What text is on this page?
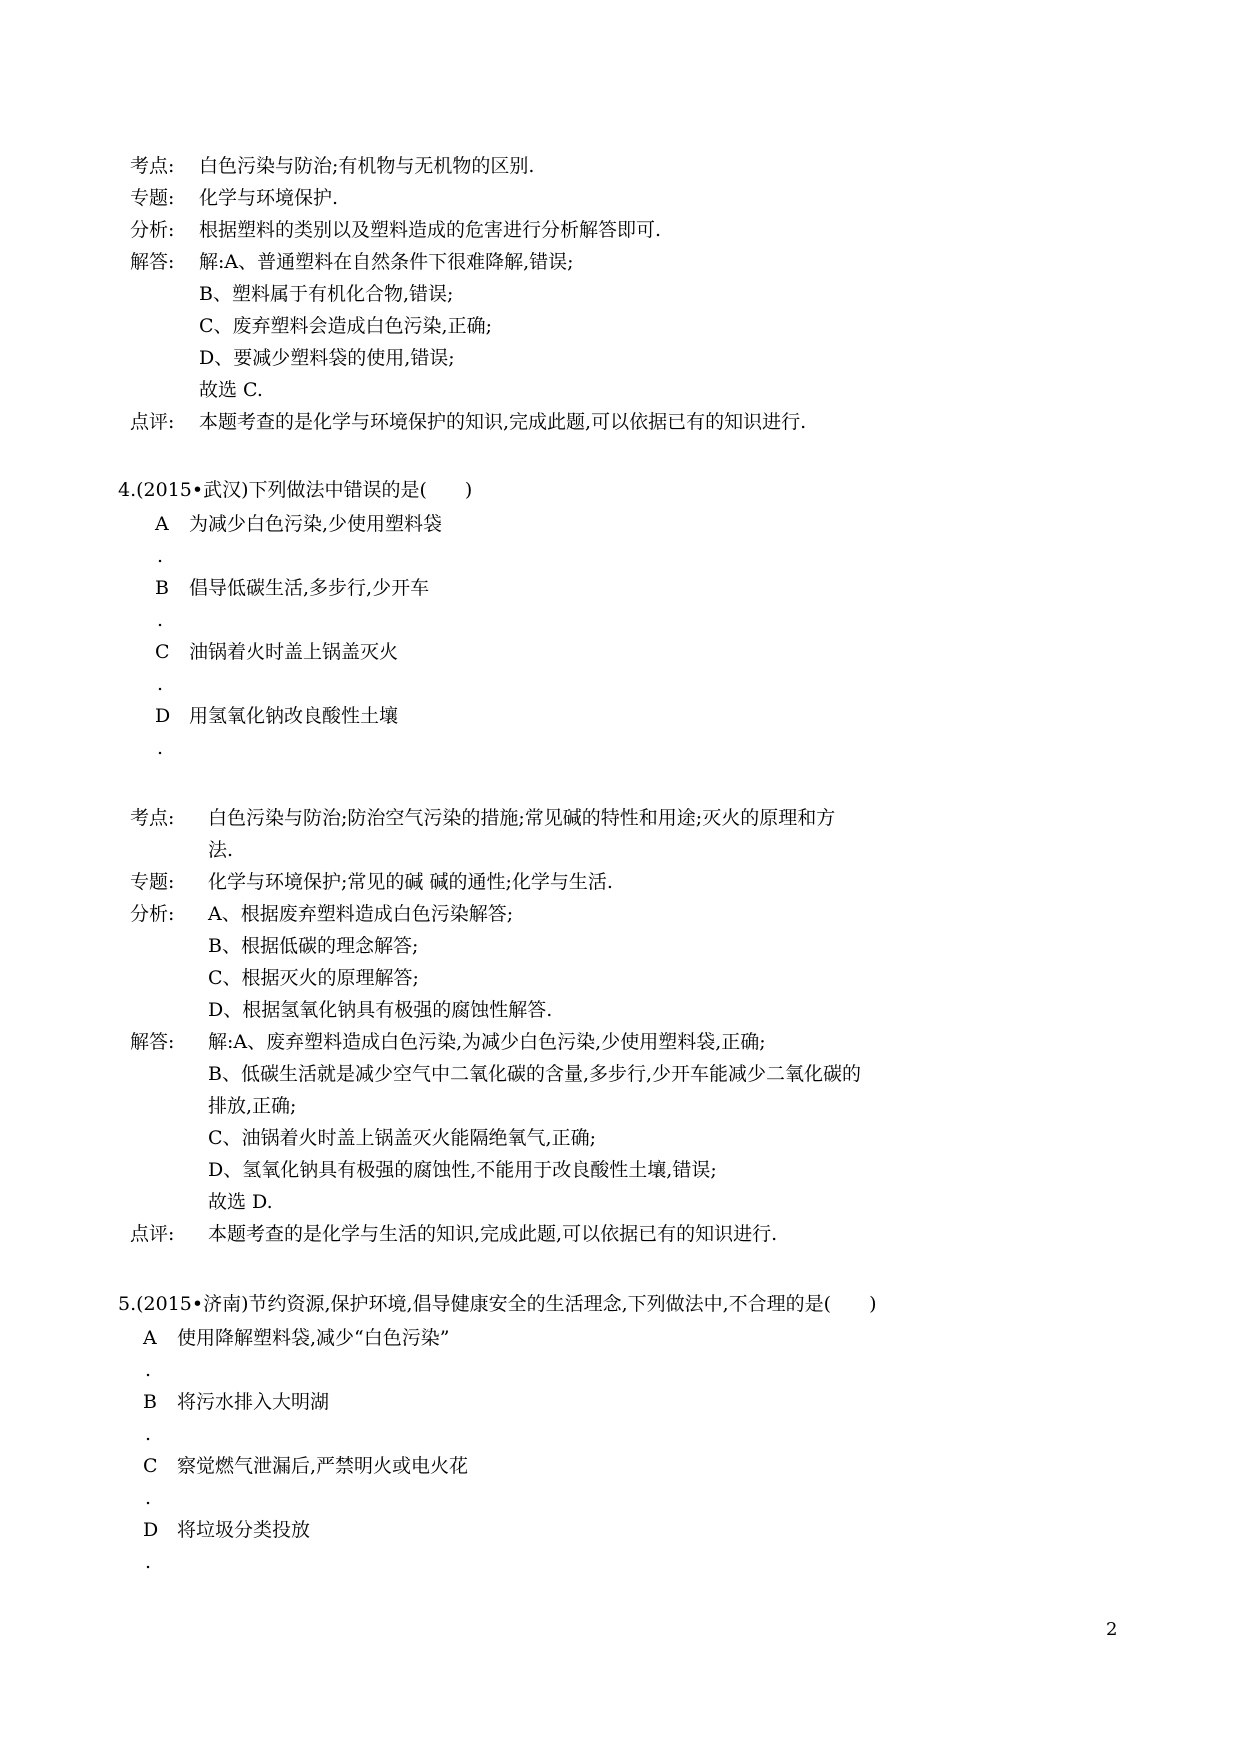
考点: 白色污染与防治;有机物与无机物的区别.
专题: 化学与环境保护.
分析: 根据塑料的类别以及塑料造成的危害进行分析解答即可.
解答: 解:A、普通塑料在自然条件下很难降解,错误;
B、塑料属于有机化合物,错误;
C、废弃塑料会造成白色污染,正确;
D、要减少塑料袋的使用,错误;
故选 C.
点评: 本题考查的是化学与环境保护的知识,完成此题,可以依据已有的知识进行.
4.(2015•武汉)下列做法中错误的是(　　)
A 为减少白色污染,少使用塑料袋
.
B 倡导低碳生活,多步行,少开车
.
C 油锅着火时盖上锅盖灭火
.
D 用氢氧化钠改良酸性土壤
.
考点: 白色污染与防治;防治空气污染的措施;常见碱的特性和用途;灭火的原理和方
法.
专题: 化学与环境保护;常见的碱 碱的通性;化学与生活.
分析: A、根据废弃塑料造成白色污染解答;
B、根据低碳的理念解答;
C、根据灭火的原理解答;
D、根据氢氧化钠具有极强的腐蚀性解答.
解答: 解:A、废弃塑料造成白色污染,为减少白色污染,少使用塑料袋,正确;
B、低碳生活就是减少空气中二氧化碳的含量,多步行,少开车能减少二氧化碳的
排放,正确;
C、油锅着火时盖上锅盖灭火能隔绝氧气,正确;
D、氢氧化钠具有极强的腐蚀性,不能用于改良酸性土壤,错误;
故选 D.
点评: 本题考查的是化学与生活的知识,完成此题,可以依据已有的知识进行.
5.(2015•济南)节约资源,保护环境,倡导健康安全的生活理念,下列做法中,不合理的是(　　)
A 使用降解塑料袋,减少“白色污染”
.
B 将污水排入大明湖
.
C 察觉燃气泄漏后,严禁明火或电火花
.
D 将垃圾分类投放
.
2
